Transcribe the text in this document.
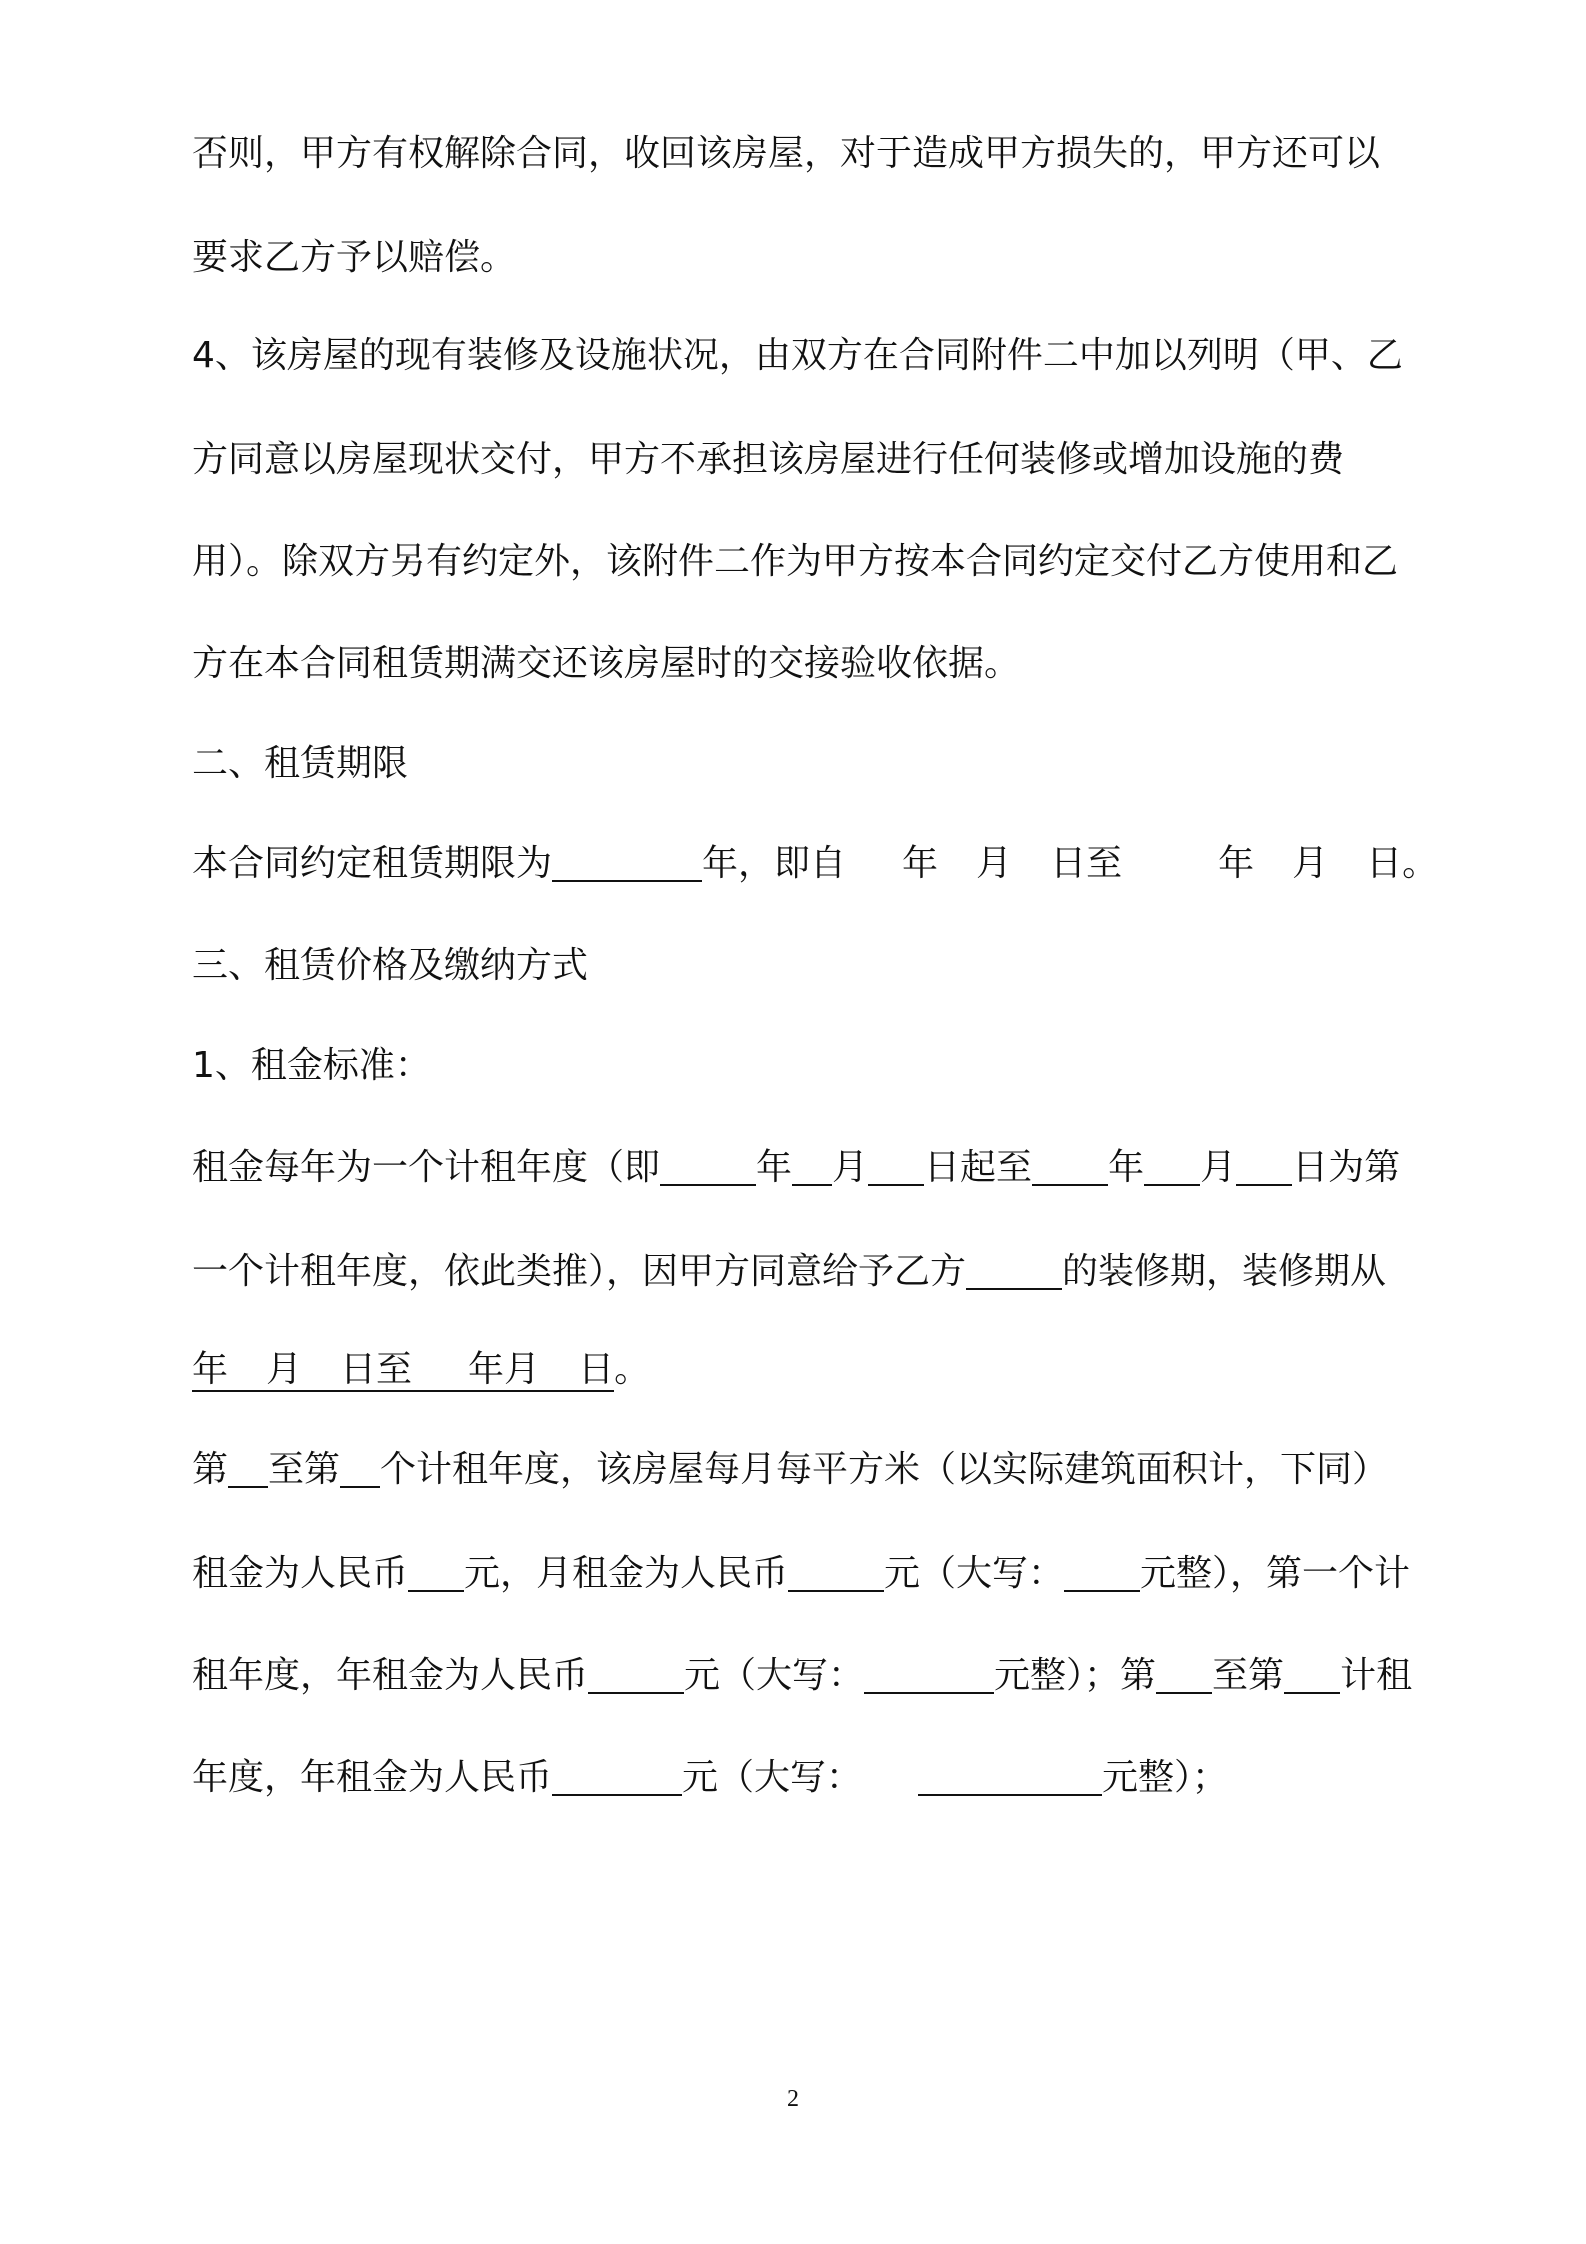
否则，甲方有权解除合同，收回该房屋，对于造成甲方损失的，甲方还可以
要求乙方予以赔偿。
4、该房屋的现有装修及设施状况，由双方在合同附件二中加以列明（甲、乙
方同意以房屋现状交付，甲方不承担该房屋进行任何装修或增加设施的费
用）。除双方另有约定外，该附件二作为甲方按本合同约定交付乙方使用和乙
方在本合同租赁期满交还该房屋时的交接验收依据。
二、租赁期限
本合同约定租赁期限为	年，即自 年 月 日至	年 月 日。
三、租赁价格及缴纳方式
1、租金标准：
租金每年为一个计租年度（即	年 月 日起至 年 月 日为第
一个计租年度，依此类推），因甲方同意给予乙方	的装修期，装修期从
年 月 日至 年月 日。
第 至第 个计租年度，该房屋每月每平方米（以实际建筑面积计，下同）
租金为人民币 元，月租金为人民币	元（大写： 元整），第一个计
租年度，年租金为人民币	元（大写：	元整）；第 至第 计租
年度，年租金为人民币	元（大写：	元整）；
2
